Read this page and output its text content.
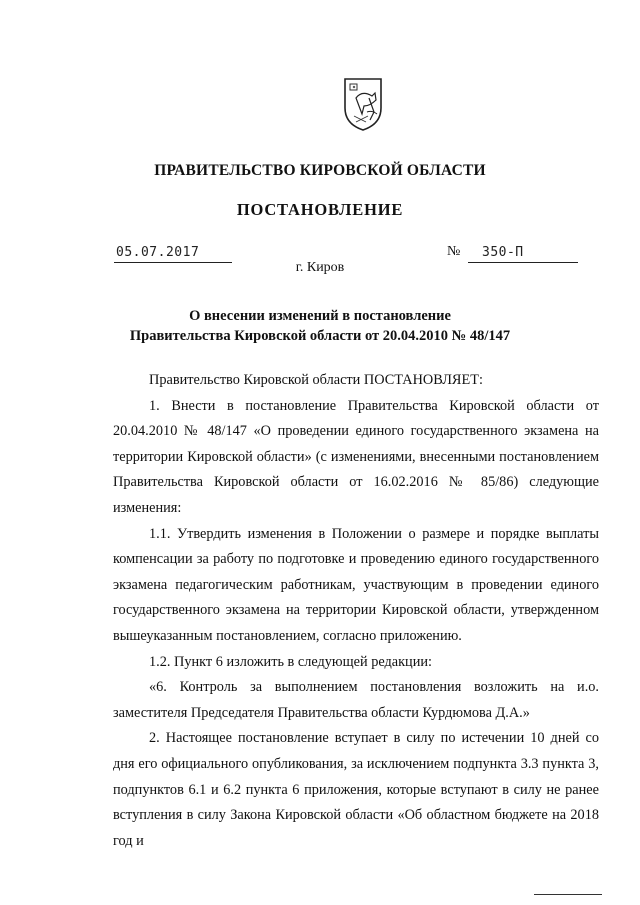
ПРАВИТЕЛЬСТВО КИРОВСКОЙ ОБЛАСТИ
ПОСТАНОВЛЕНИЕ
05.07.2017	№ 350-П
г. Киров
О внесении изменений в постановление
Правительства Кировской области от 20.04.2010 № 48/147

Правительство Кировской области ПОСТАНОВЛЯЕТ:

1. Внести в постановление Правительства Кировской области от 20.04.2010 № 48/147 «О проведении единого государственного экзамена на территории Кировской области» (с изменениями, внесенными постановлением Правительства Кировской области от 16.02.2016 № 85/86) следующие изменения:

1.1. Утвердить изменения в Положении о размере и порядке выплаты компенсации за работу по подготовке и проведению единого государственного экзамена педагогическим работникам, участвующим в проведении единого государственного экзамена на территории Кировской области, утвержденном вышеуказанным постановлением, согласно приложению.

1.2. Пункт 6 изложить в следующей редакции:

«6. Контроль за выполнением постановления возложить на и.о. заместителя Председателя Правительства области Курдюмова Д.А.»

2. Настоящее постановление вступает в силу по истечении 10 дней со дня его официального опубликования, за исключением подпункта 3.3 пункта 3, подпунктов 6.1 и 6.2 пункта 6 приложения, которые вступают в силу не ранее вступления в силу Закона Кировской области «Об областном бюджете на 2018 год и
